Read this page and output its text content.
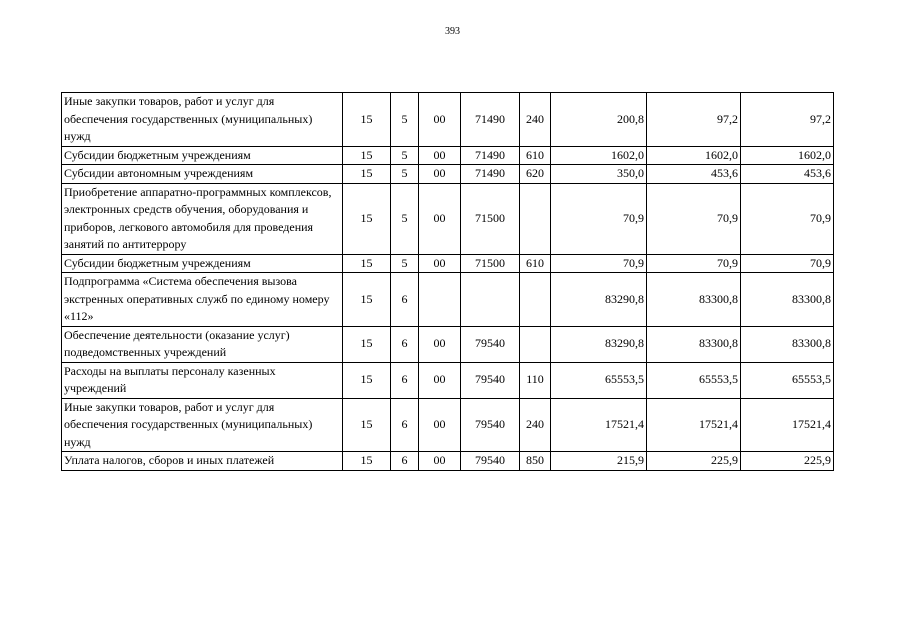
393
Иные закупки товаров, работ и услуг для обеспечения государственных (муниципальных) нужд	15	5	00	71490	240	200,8	97,2	97,2
Субсидии бюджетным учреждениям	15	5	00	71490	610	1602,0	1602,0	1602,0
Субсидии автономным учреждениям	15	5	00	71490	620	350,0	453,6	453,6
Приобретение аппаратно-программных комплексов, электронных средств обучения, оборудования и приборов, легкового автомобиля для проведения занятий по антитеррору	15	5	00	71500		70,9	70,9	70,9
Субсидии бюджетным учреждениям	15	5	00	71500	610	70,9	70,9	70,9
Подпрограмма «Система обеспечения вызова экстренных оперативных служб по единому номеру «112»	15	6				83290,8	83300,8	83300,8
Обеспечение деятельности (оказание услуг) подведомственных учреждений	15	6	00	79540		83290,8	83300,8	83300,8
Расходы на выплаты персоналу казенных учреждений	15	6	00	79540	110	65553,5	65553,5	65553,5
Иные закупки товаров, работ и услуг для обеспечения государственных (муниципальных) нужд	15	6	00	79540	240	17521,4	17521,4	17521,4
Уплата налогов, сборов и иных платежей	15	6	00	79540	850	215,9	225,9	225,9
